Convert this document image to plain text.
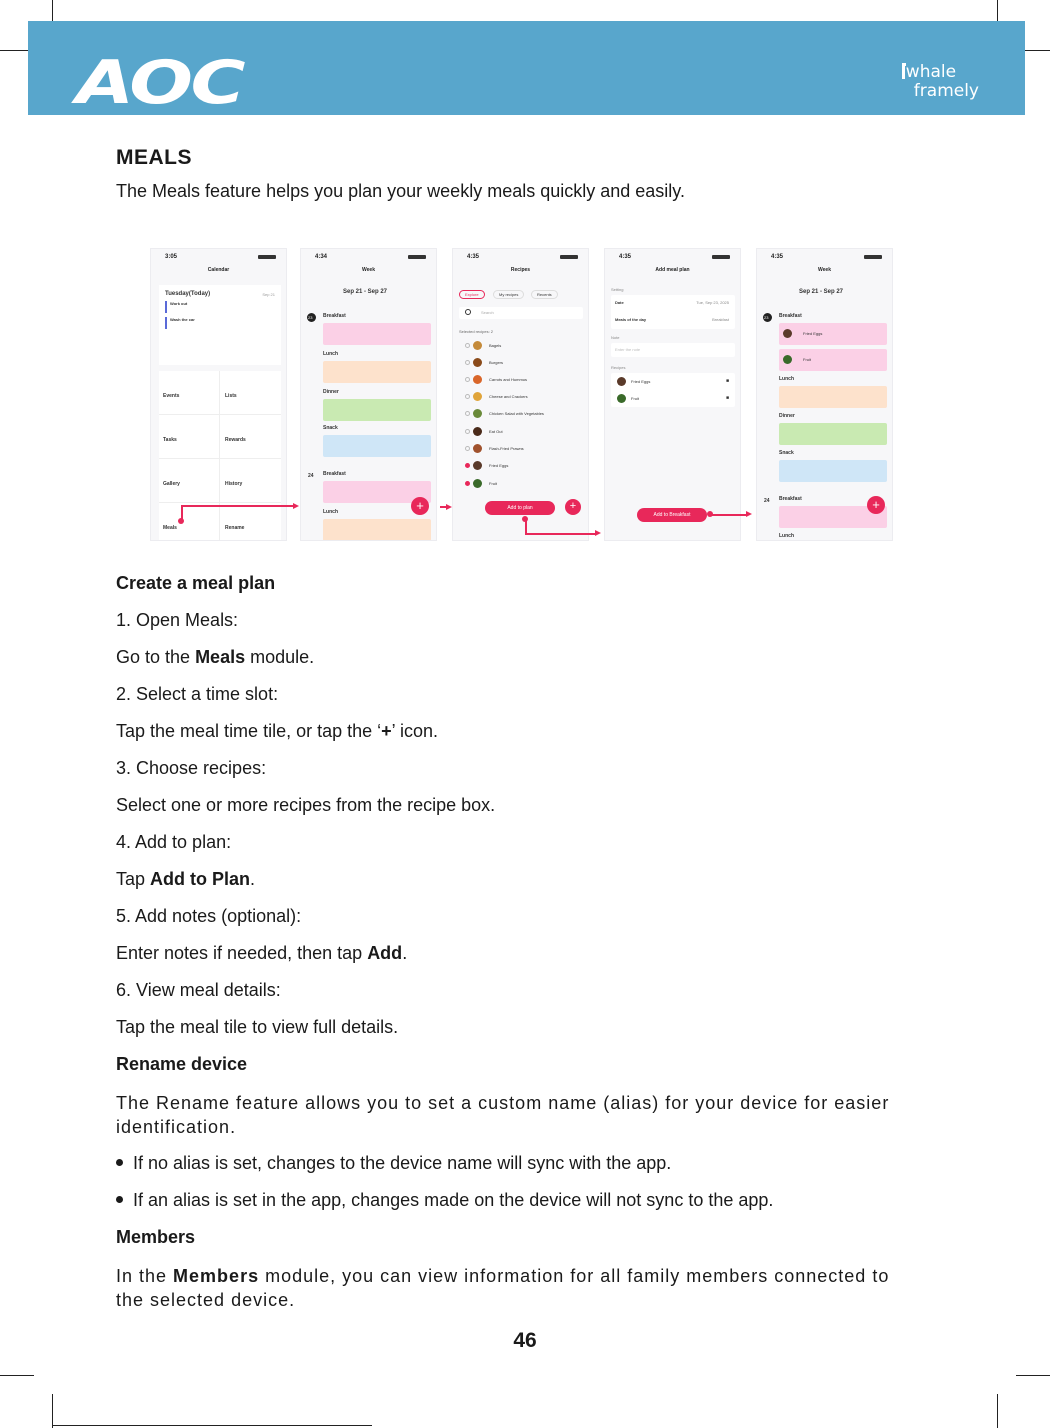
AOC	whale
framely
MEALS
The Meals feature helps you plan your weekly meals quickly and easily.
3:05
Calendar
Tuesday(Today)	Sep 21
Work out
Wash the car
Events	Lists
Tasks	Rewards
Gallery	History
Meals	Rename
4:34
Week
Sep 21 - Sep 27
23 Breakfast
Lunch
Dinner
Snack
24 Breakfast
Lunch	+
4:35
Recipes
Explore	My recipes	Recents
Search
Selected recipes: 2
Bagels
Burgers
Carrots and Hummus
Cheese and Crackers
Chicken Salad with Vegetables
Eat Out
Flash-Fried Prawns
Fried Eggs
Fruit
Add to plan	+
4:35
Add meal plan
Setting
Date	Tue, Sep 23, 2025
Meals of the day	Breakfast
Note
Enter the note
Recipes
Fried Eggs	■
Fruit	■
Add to Breakfast
4:35
Week
Sep 21 - Sep 27
23 Breakfast
Fried Eggs
Fruit
Lunch
Dinner
Snack
24 Breakfast
Lunch
+
Create a meal plan
1. Open Meals:
Go to the Meals module.
2. Select a time slot:
Tap the meal time tile, or tap the ‘+’ icon.
3. Choose recipes:
Select one or more recipes from the recipe box.
4. Add to plan:
Tap Add to Plan.
5. Add notes (optional):
Enter notes if needed, then tap Add.
6. View meal details:
Tap the meal tile to view full details.
Rename device
The Rename feature allows you to set a custom name (alias) for your device for easier identification.
If no alias is set, changes to the device name will sync with the app.
If an alias is set in the app, changes made on the device will not sync to the app.
Members
In the Members module, you can view information for all family members connected to the selected device.
46
